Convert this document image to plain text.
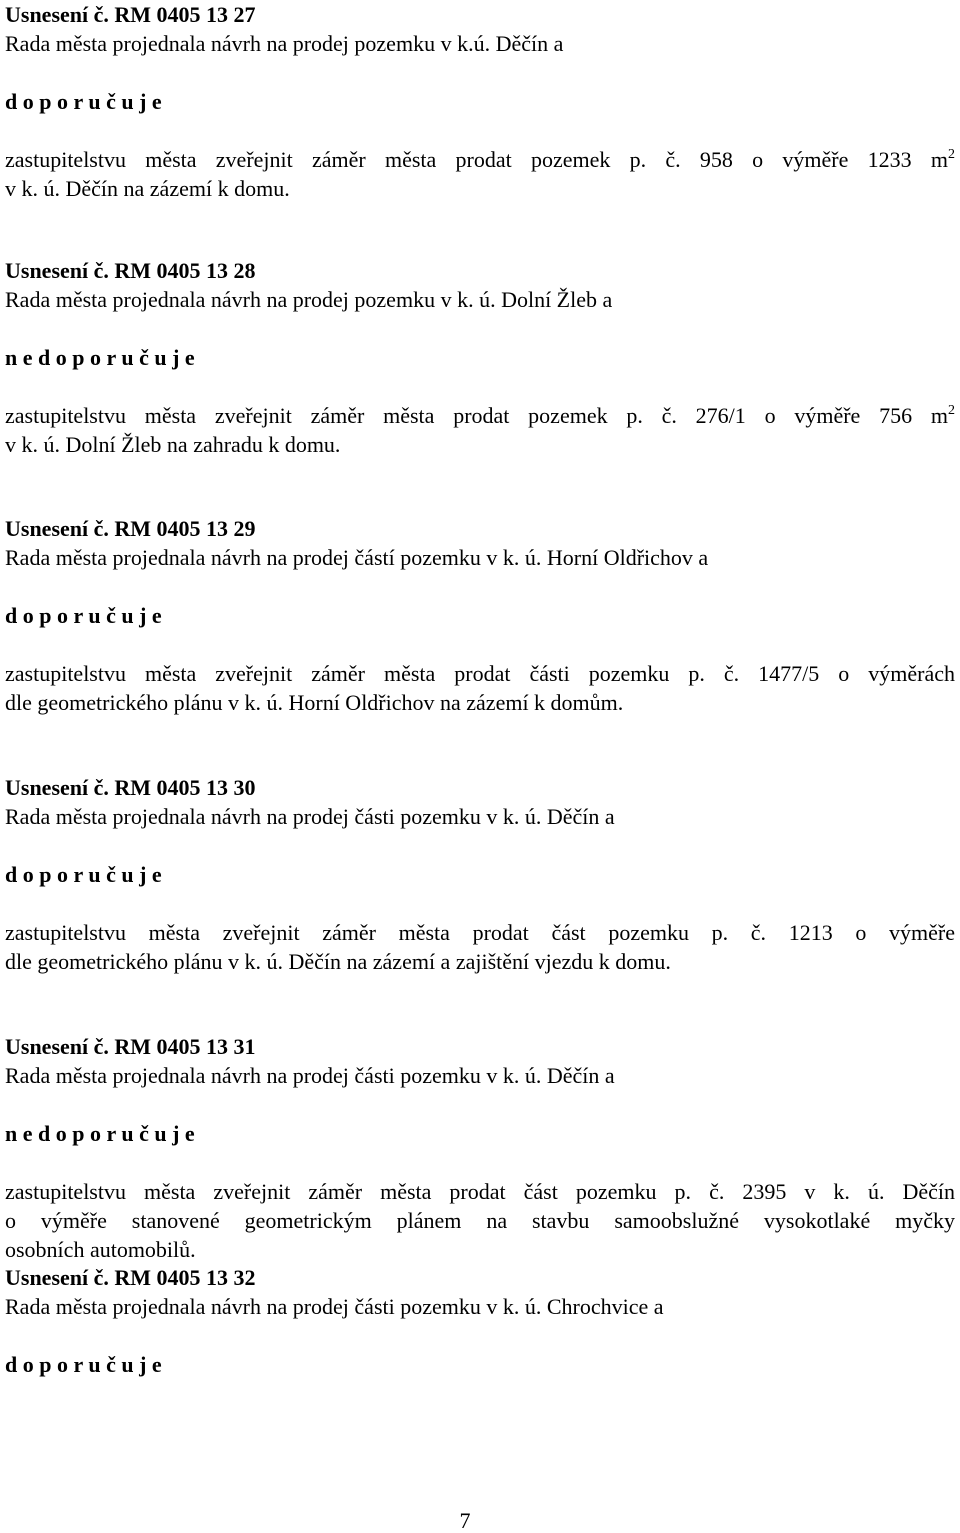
Usnesení č. RM 0405 13 27
Rada města projednala návrh na prodej pozemku v k.ú. Děčín a
d o p o r u č u j e
zastupitelstvu města zveřejnit záměr města prodat pozemek p. č. 958 o výměře 1233 $m^2$
v k. ú. Děčín na zázemí k domu.
Usnesení č. RM 0405 13 28
Rada města projednala návrh na prodej pozemku v k. ú. Dolní Žleb a
n e d o p o r u č u j e
zastupitelstvu města zveřejnit záměr města prodat pozemek p. č. 276/1 o výměře 756 $m^2$
v k. ú. Dolní Žleb na zahradu k domu.
Usnesení č. RM 0405 13 29
Rada města projednala návrh na prodej částí pozemku v k. ú. Horní Oldřichov a
d o p o r u č u j e
zastupitelstvu města zveřejnit záměr města prodat části pozemku p. č. 1477/5 o výměrách
dle geometrického plánu v k. ú. Horní Oldřichov na zázemí k domům.
Usnesení č. RM 0405 13 30
Rada města projednala návrh na prodej části pozemku v k. ú. Děčín a
d o p o r u č u j e
zastupitelstvu města zveřejnit záměr města prodat část pozemku p. č. 1213 o výměře
dle geometrického plánu v k. ú. Děčín na zázemí a zajištění vjezdu k domu.
Usnesení č. RM 0405 13 31
Rada města projednala návrh na prodej části pozemku v k. ú. Děčín a
n e d o p o r u č u j e
zastupitelstvu města zveřejnit záměr města prodat část pozemku p. č. 2395 v k. ú. Děčín
o výměře stanovené geometrickým plánem na stavbu samoobslužné vysokotlaké myčky
osobních automobilů.
Usnesení č. RM 0405 13 32
Rada města projednala návrh na prodej části pozemku v k. ú. Chrochvice a
d o p o r u č u j e
7
